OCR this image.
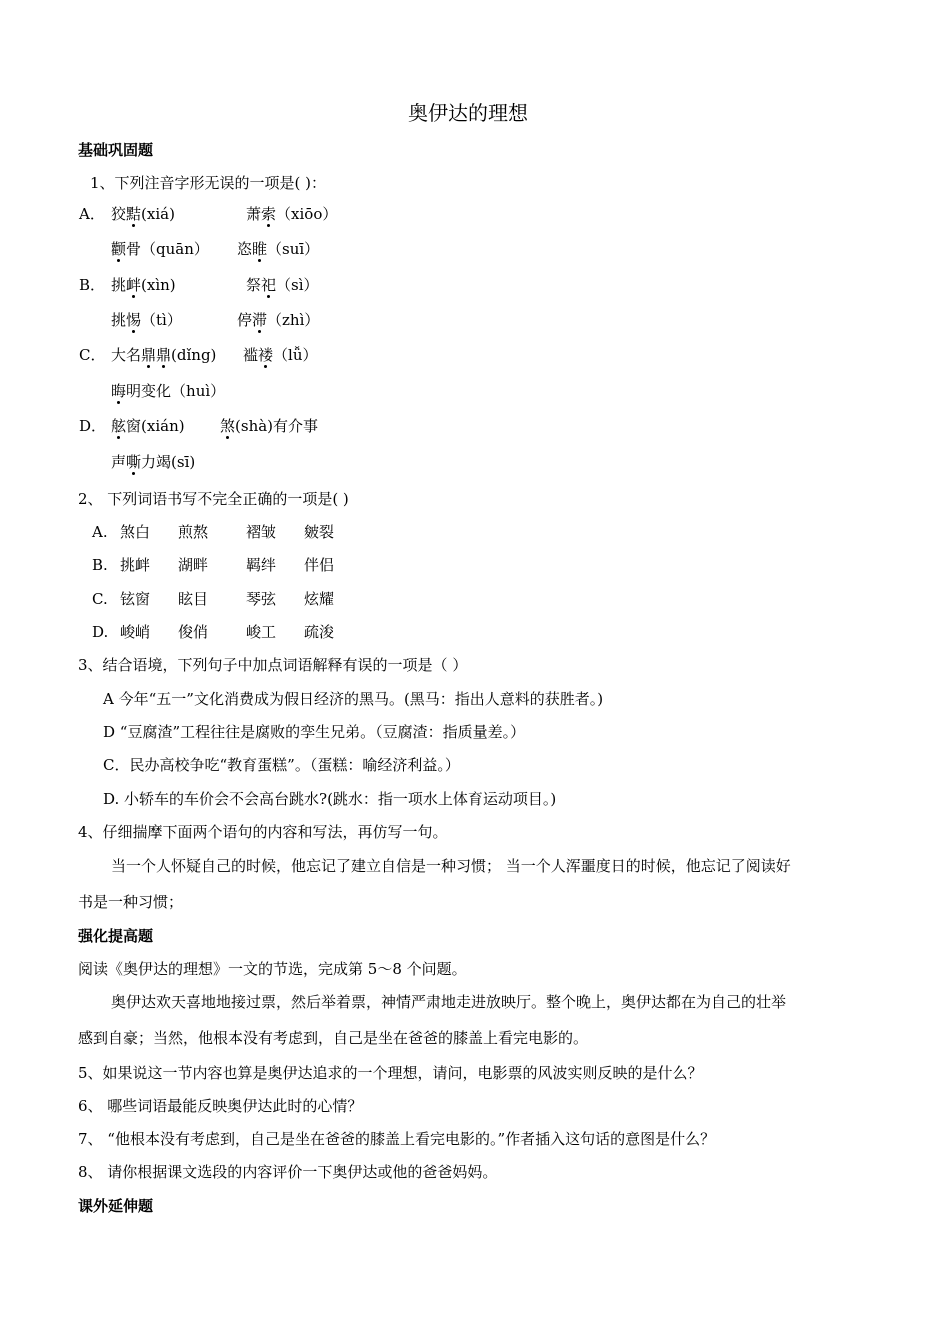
奥伊达的理想
基础巩固题
1、下列注音字形无误的一项是( )：
A． 狡黠(xiá)	萧索（xiōo）
颧骨（quān） 恣睢（suī）
B． 挑衅(xìn)	祭祀（sì）
挑惕（tì）	停滞（zhì）
C． 大名鼎鼎(dǐng) 褴褛（lǚ）
晦明变化（huì）
D． 舷窗(xián) 煞(shà)有介事
声嘶力竭(sī)
2、 下列词语书写不完全正确的一项是( )
A. 煞白 煎熬	褶皱 皴裂
B. 挑衅 湖畔	羁绊 伴侣
C. 铉窗 眩目	琴弦 炫耀
D. 峻峭 俊俏	峻工 疏浚
3、结合语境，下列句子中加点词语解释有误的一项是（ ）
A 今年“五一”文化消费成为假日经济的黑马。(黑马：指出人意料的获胜者。)
D “豆腐渣”工程往往是腐败的孪生兄弟。（豆腐渣：指质量差。）
C．民办高校争吃“教育蛋糕”。（蛋糕：喻经济利益。）
D. 小轿车的车价会不会高台跳水?(跳水：指一项水上体育运动项目。)
4、仔细揣摩下面两个语句的内容和写法，再仿写一句。
当一个人怀疑自己的时候，他忘记了建立自信是一种习惯； 当一个人浑噩度日的时候，他忘记了阅读好
书是一种习惯；
强化提高题
阅读《奥伊达的理想》一文的节选，完成第 5～8 个问题。
奥伊达欢天喜地地接过票，然后举着票，神情严肃地走进放映厅。整个晚上，奥伊达都在为自己的壮举
感到自豪；当然，他根本没有考虑到，自己是坐在爸爸的膝盖上看完电影的。
5、如果说这一节内容也算是奥伊达追求的一个理想，请问，电影票的风波实则反映的是什么？
6、 哪些词语最能反映奥伊达此时的心情？
7、 “他根本没有考虑到，自己是坐在爸爸的膝盖上看完电影的。”作者插入这句话的意图是什么？
8、 请你根据课文选段的内容评价一下奥伊达或他的爸爸妈妈。
课外延伸题
